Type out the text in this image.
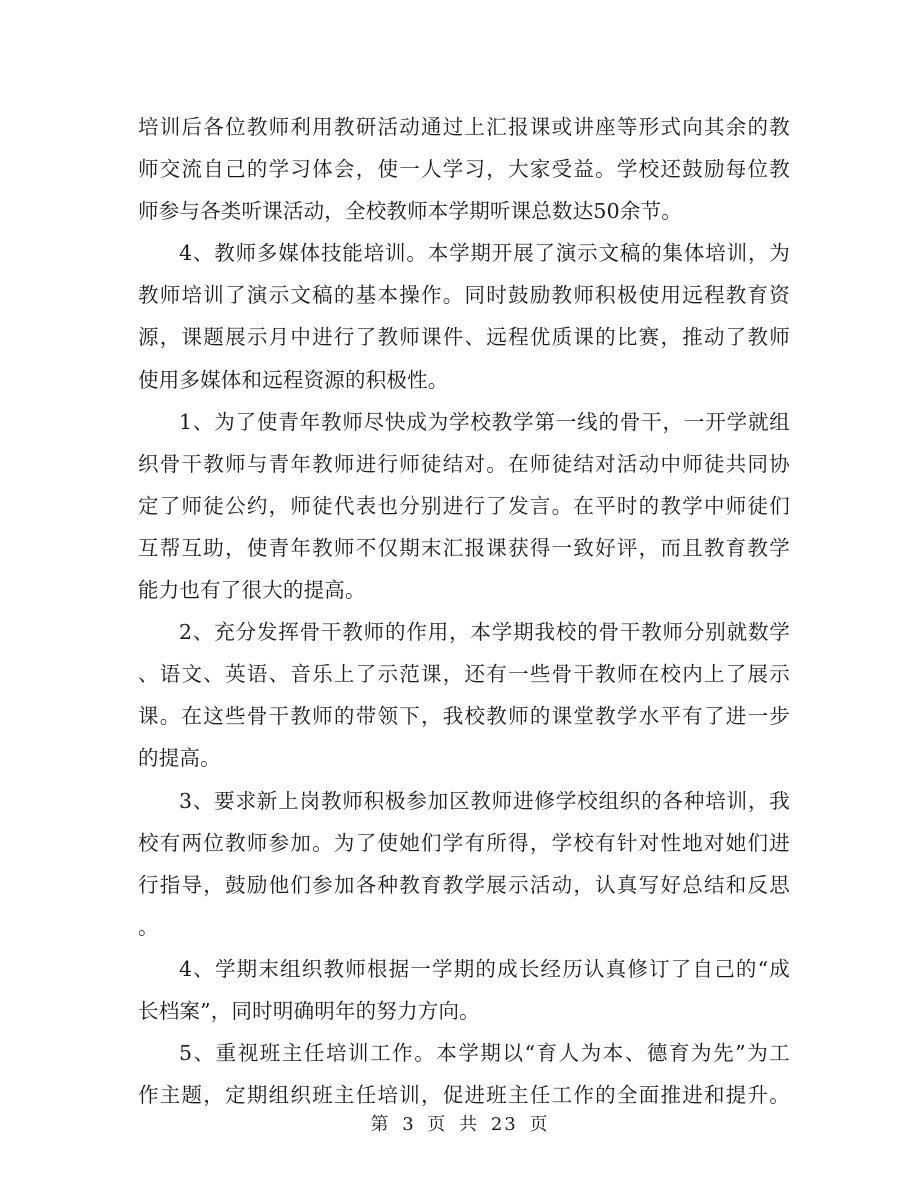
培训后各位教师利用教研活动通过上汇报课或讲座等形式向其余的教
师交流自己的学习体会，使一人学习，大家受益。学校还鼓励每位教
师参与各类听课活动，全校教师本学期听课总数达50余节。
4、教师多媒体技能培训。本学期开展了演示文稿的集体培训，为
教师培训了演示文稿的基本操作。同时鼓励教师积极使用远程教育资
源，课题展示月中进行了教师课件、远程优质课的比赛，推动了教师
使用多媒体和远程资源的积极性。
1、为了使青年教师尽快成为学校教学第一线的骨干，一开学就组
织骨干教师与青年教师进行师徒结对。在师徒结对活动中师徒共同协
定了师徒公约，师徒代表也分别进行了发言。在平时的教学中师徒们
互帮互助，使青年教师不仅期末汇报课获得一致好评，而且教育教学
能力也有了很大的提高。
2、充分发挥骨干教师的作用，本学期我校的骨干教师分别就数学
、语文、英语、音乐上了示范课，还有一些骨干教师在校内上了展示
课。在这些骨干教师的带领下，我校教师的课堂教学水平有了进一步
的提高。
3、要求新上岗教师积极参加区教师进修学校组织的各种培训，我
校有两位教师参加。为了使她们学有所得，学校有针对性地对她们进
行指导，鼓励他们参加各种教育教学展示活动，认真写好总结和反思
。
4、学期末组织教师根据一学期的成长经历认真修订了自己的“成
长档案”，同时明确明年的努力方向。
5、重视班主任培训工作。本学期以“育人为本、德育为先”为工
作主题，定期组织班主任培训，促进班主任工作的全面推进和提升。
第 3 页 共 23 页
